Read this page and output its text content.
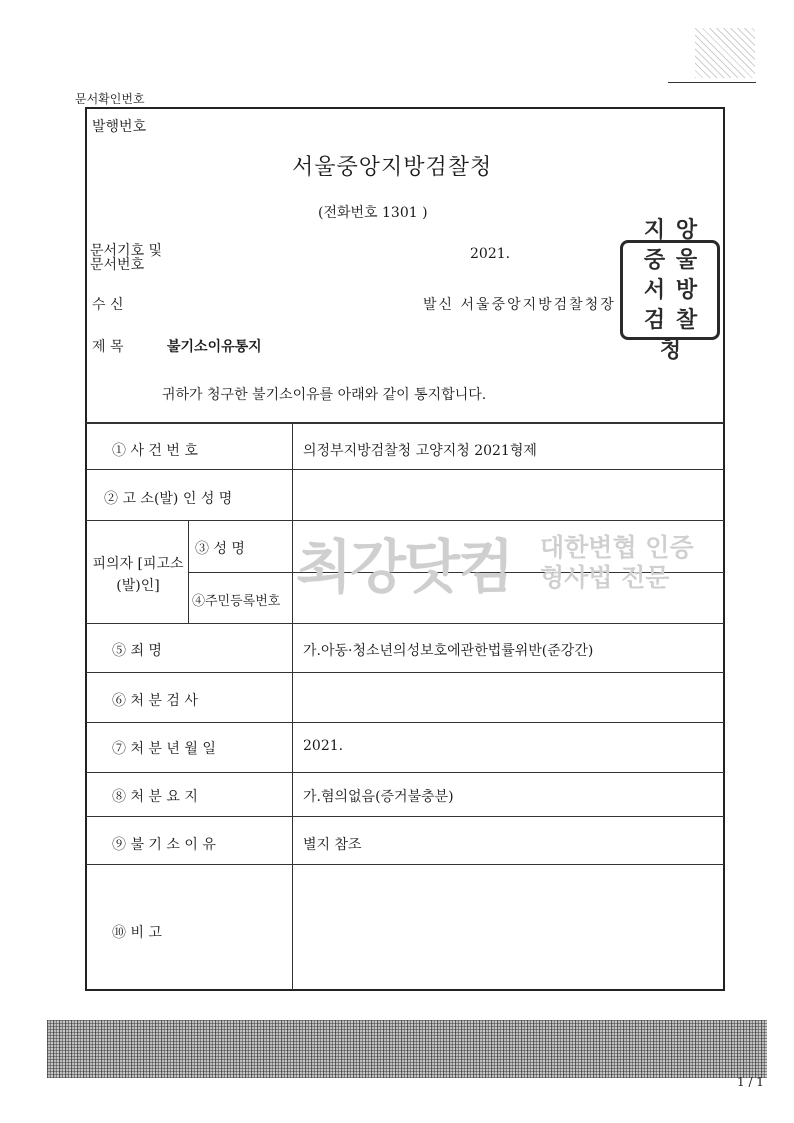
문서확인번호
발행번호
서울중앙지방검찰청
(전화번호 1301 )
문서기호 및 문서번호
2021.
수 신	발신 서울중앙지방검찰청장
제 목	불기소이유통지
귀하가 청구한 불기소이유를 아래와 같이 통지합니다.
지 앙
중 울
서 방
검 찰
청
① 사 건 번 호	의정부지방검찰청 고양지청 2021형제
② 고 소(발) 인 성 명
피의자 [피고소(발)인]
③ 성 명
④주민등록번호
⑤ 죄 명	가.아동·청소년의성보호에관한법률위반(준강간)
⑥ 처 분 검 사
⑦ 처 분 년 월 일	2021.
⑧ 처 분 요 지	가.혐의없음(증거불충분)
⑨ 불 기 소 이 유	별지 참조
⑩ 비 고
최강닷컴 대한변협 인증
형사법 전문
1 / 1
